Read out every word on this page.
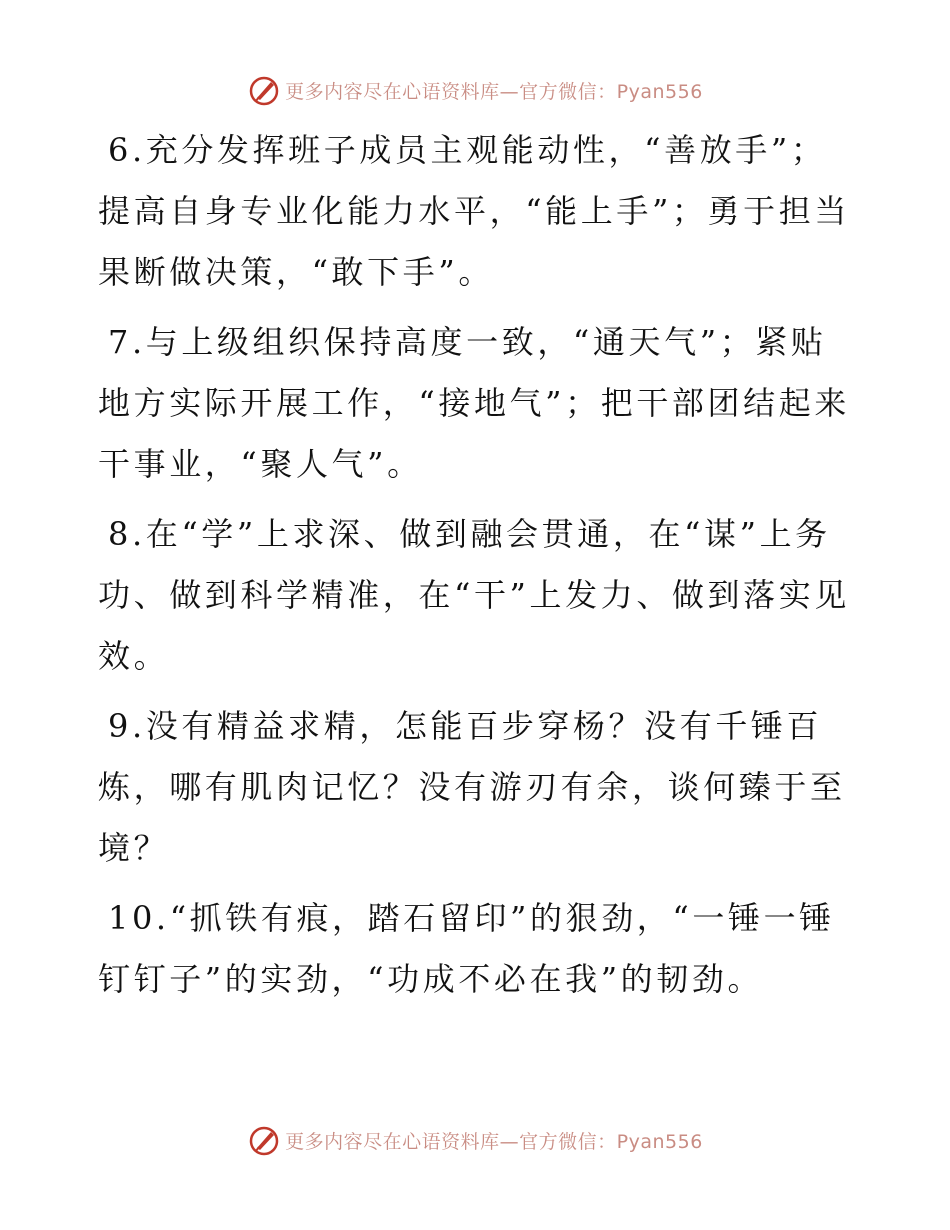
更多内容尽在心语资料库—官方微信：Pyan556

6.充分发挥班子成员主观能动性，“善放手”；提高自身专业化能力水平，“能上手”；勇于担当果断做决策，“敢下手”。

7.与上级组织保持高度一致，“通天气”；紧贴地方实际开展工作，“接地气”；把干部团结起来干事业，“聚人气”。

8.在“学”上求深、做到融会贯通，在“谋”上务功、做到科学精准，在“干”上发力、做到落实见效。

9.没有精益求精，怎能百步穿杨？没有千锤百炼，哪有肌肉记忆？没有游刃有余，谈何臻于至境？

10.“抓铁有痕，踏石留印”的狠劲，“一锤一锤钉钉子”的实劲，“功成不必在我”的韧劲。

更多内容尽在心语资料库—官方微信：Pyan556
